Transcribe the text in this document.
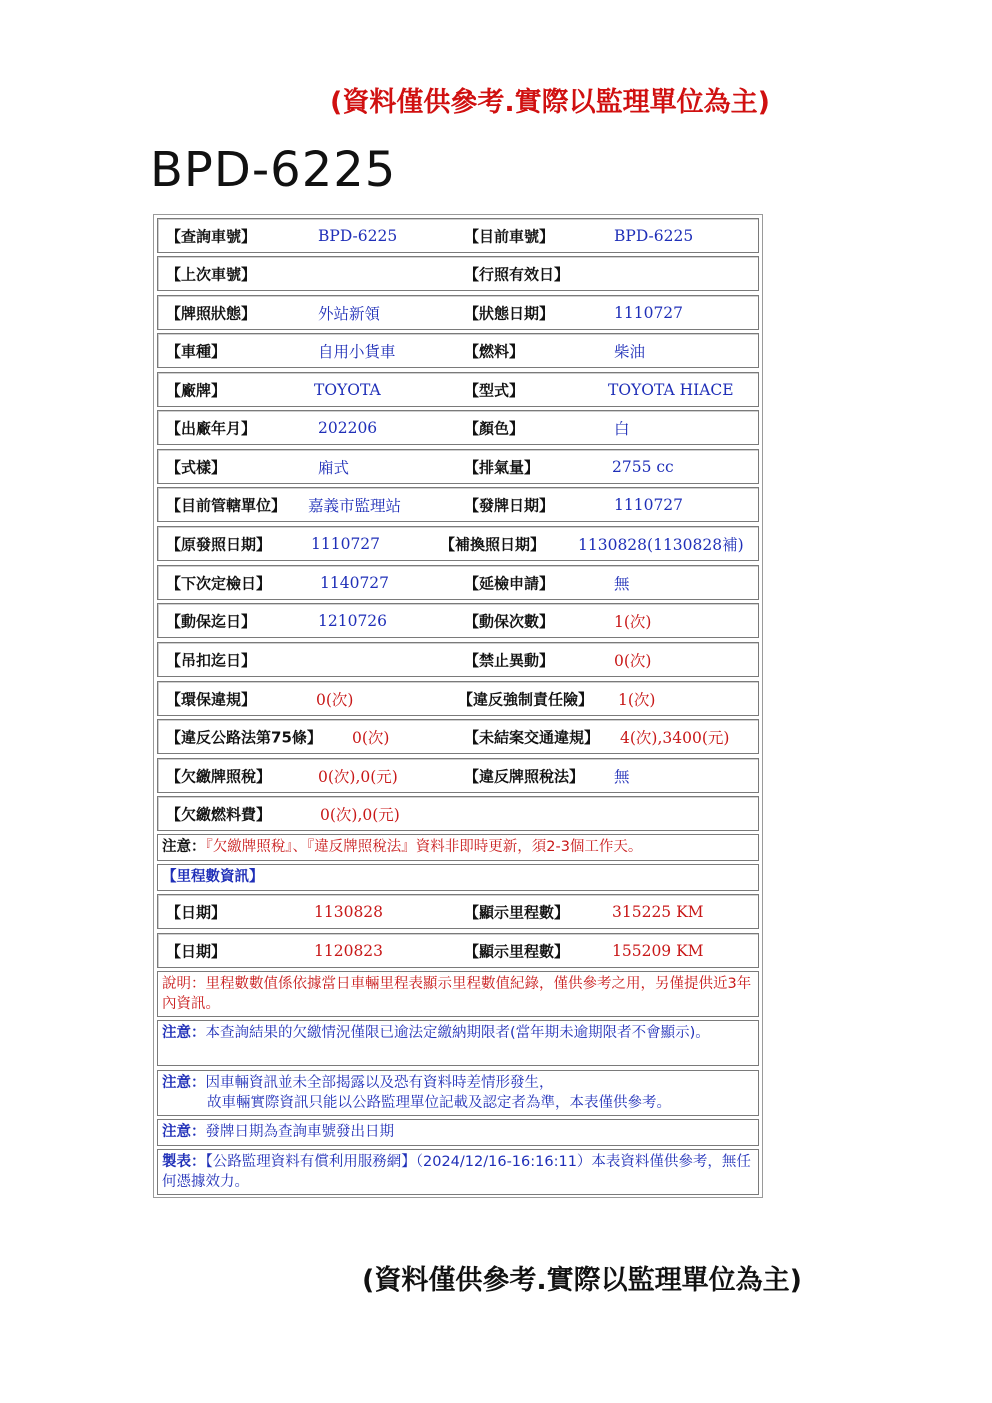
(資料僅供參考.實際以監理單位為主)
BPD-6225
【查詢車號】	BPD-6225	【目前車號】	BPD-6225
【上次車號】	【行照有效日】
【牌照狀態】	外站新領	【狀態日期】	1110727
【車種】	自用小貨車	【燃料】	柴油
【廠牌】	TOYOTA	【型式】	TOYOTA HIACE
【出廠年月】	202206	【顏色】	白
【式樣】	廂式	【排氣量】	2755 cc
【目前管轄單位】 嘉義市監理站	【發牌日期】	1110727
【原發照日期】	1110727	【補換照日期】 1130828(1130828補)
【下次定檢日】	1140727	【延檢申請】	無
【動保迄日】	1210726	【動保次數】	1(次)
【吊扣迄日】	【禁止異動】	0(次)
【環保違規】	0(次)	【違反強制責任險】 1(次)
【違反公路法第75條】 0(次)	【未結案交通違規】 4(次),3400(元)
【欠繳牌照稅】	0(次),0(元)	【違反牌照稅法】 無
【欠繳燃料費】	0(次),0(元)
注意：『欠繳牌照稅』、『違反牌照稅法』資料非即時更新，須2-3個工作天。
【里程數資訊】
【日期】	1130828	【顯示里程數】	315225 KM
【日期】	1120823	【顯示里程數】	155209 KM
說明：里程數數值係依據當日車輛里程表顯示里程數值紀錄，僅供參考之用，另僅提供近3年內資訊。
注意：本查詢結果的欠繳情況僅限已逾法定繳納期限者(當年期未逾期限者不會顯示)。
注意：因車輛資訊並未全部揭露以及恐有資料時差情形發生，
故車輛實際資訊只能以公路監理單位記載及認定者為準，本表僅供參考。
注意：發牌日期為查詢車號發出日期
製表：【公路監理資料有償利用服務網】（2024/12/16-16:16:11）本表資料僅供參考，無任何憑據效力。
(資料僅供參考.實際以監理單位為主)
